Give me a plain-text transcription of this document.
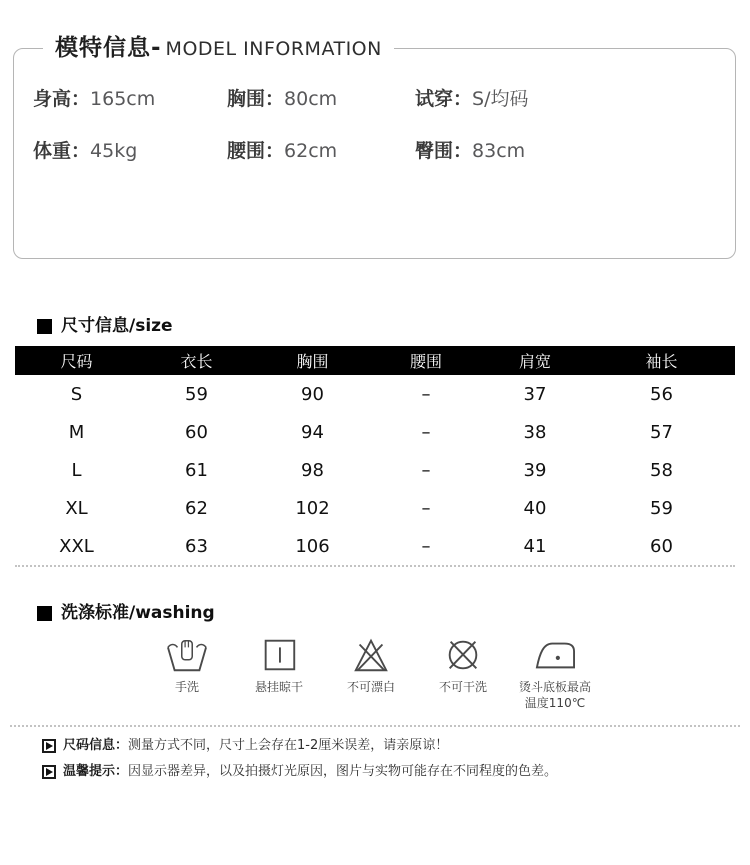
模特信息- MODEL INFORMATION
身高：165cm	胸围：80cm	试穿：S/均码
体重：45kg	腰围：62cm	臀围：83cm
尺寸信息/size
尺码	衣长	胸围	腰围	肩宽	袖长
S	59	90	–	37	56
M	60	94	–	38	57
L	61	98	–	39	58
XL	62	102	–	40	59
XXL	63	106	–	41	60
洗涤标准/washing
手洗	悬挂晾干	不可漂白	不可干洗	烫斗底板最高温度110℃
尺码信息：测量方式不同，尺寸上会存在1-2厘米误差，请亲原谅！
温馨提示：因显示器差异，以及拍摄灯光原因，图片与实物可能存在不同程度的色差。
